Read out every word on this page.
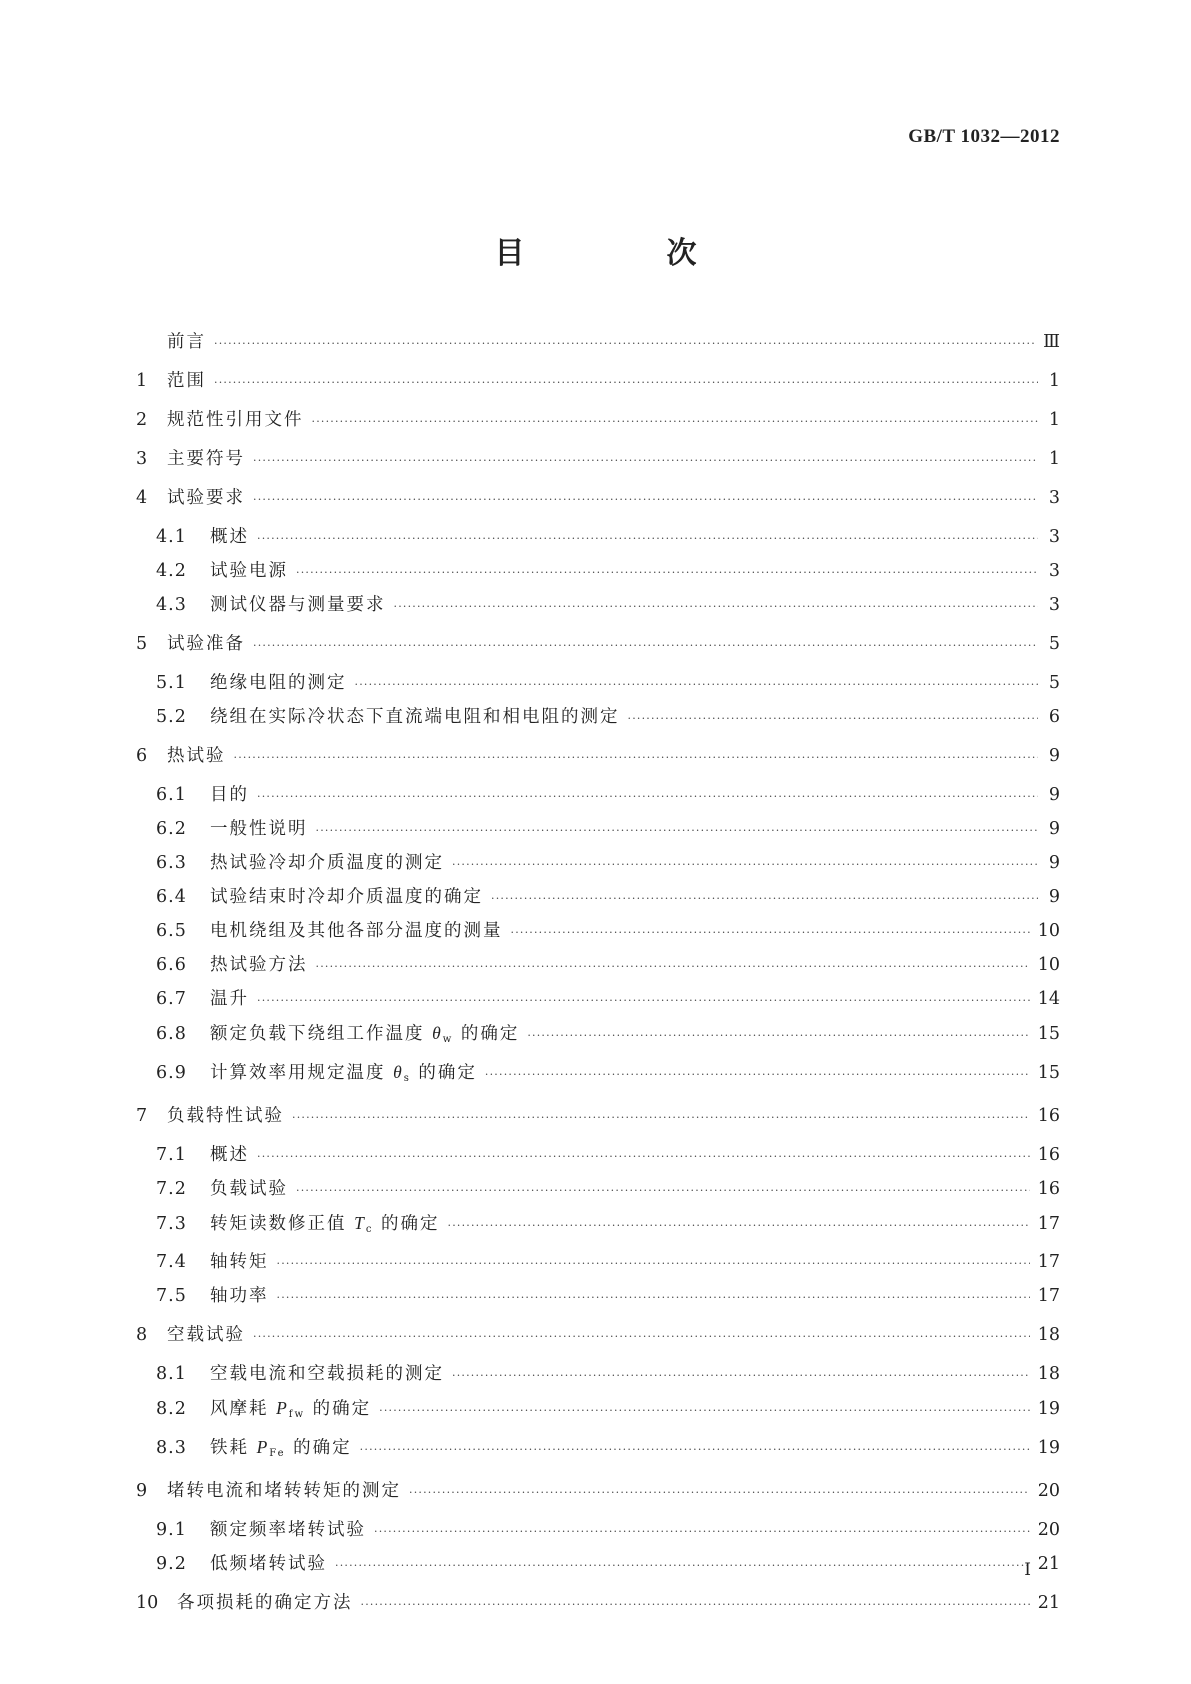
GB/T 1032—2012
目　次
前言 ·····	Ⅲ
1	范围 ·····	1
2	规范性引用文件 ·····	1
3	主要符号 ·····	1
4	试验要求 ·····	3
4.1	概述 ·····	3
4.2	试验电源 ·····	3
4.3	测试仪器与测量要求 ·····	3
5	试验准备 ·····	5
5.1	绝缘电阻的测定 ·····	5
5.2	绕组在实际冷状态下直流端电阻和相电阻的测定 ·····	6
6	热试验 ·····	9
6.1	目的 ·····	9
6.2	一般性说明 ·····	9
6.3	热试验冷却介质温度的测定 ·····	9
6.4	试验结束时冷却介质温度的确定 ·····	9
6.5	电机绕组及其他各部分温度的测量 ·····	10
6.6	热试验方法 ·····	10
6.7	温升 ·····	14
6.8	额定负载下绕组工作温度 $\theta_w$ 的确定 ·····	15
6.9	计算效率用规定温度 $\theta_s$ 的确定 ·····	15
7	负载特性试验 ·····	16
7.1	概述 ·····	16
7.2	负载试验 ·····	16
7.3	转矩读数修正值 $T_c$ 的确定 ·····	17
7.4	轴转矩 ·····	17
7.5	轴功率 ·····	17
8	空载试验 ·····	18
8.1	空载电流和空载损耗的测定 ·····	18
8.2	风摩耗 $P_{fw}$ 的确定 ·····	19
8.3	铁耗 $P_{Fe}$ 的确定 ·····	19
9	堵转电流和堵转转矩的测定 ·····	20
9.1	额定频率堵转试验 ·····	20
9.2	低频堵转试验 ·····	21
10	各项损耗的确定方法 ·····	21
I
